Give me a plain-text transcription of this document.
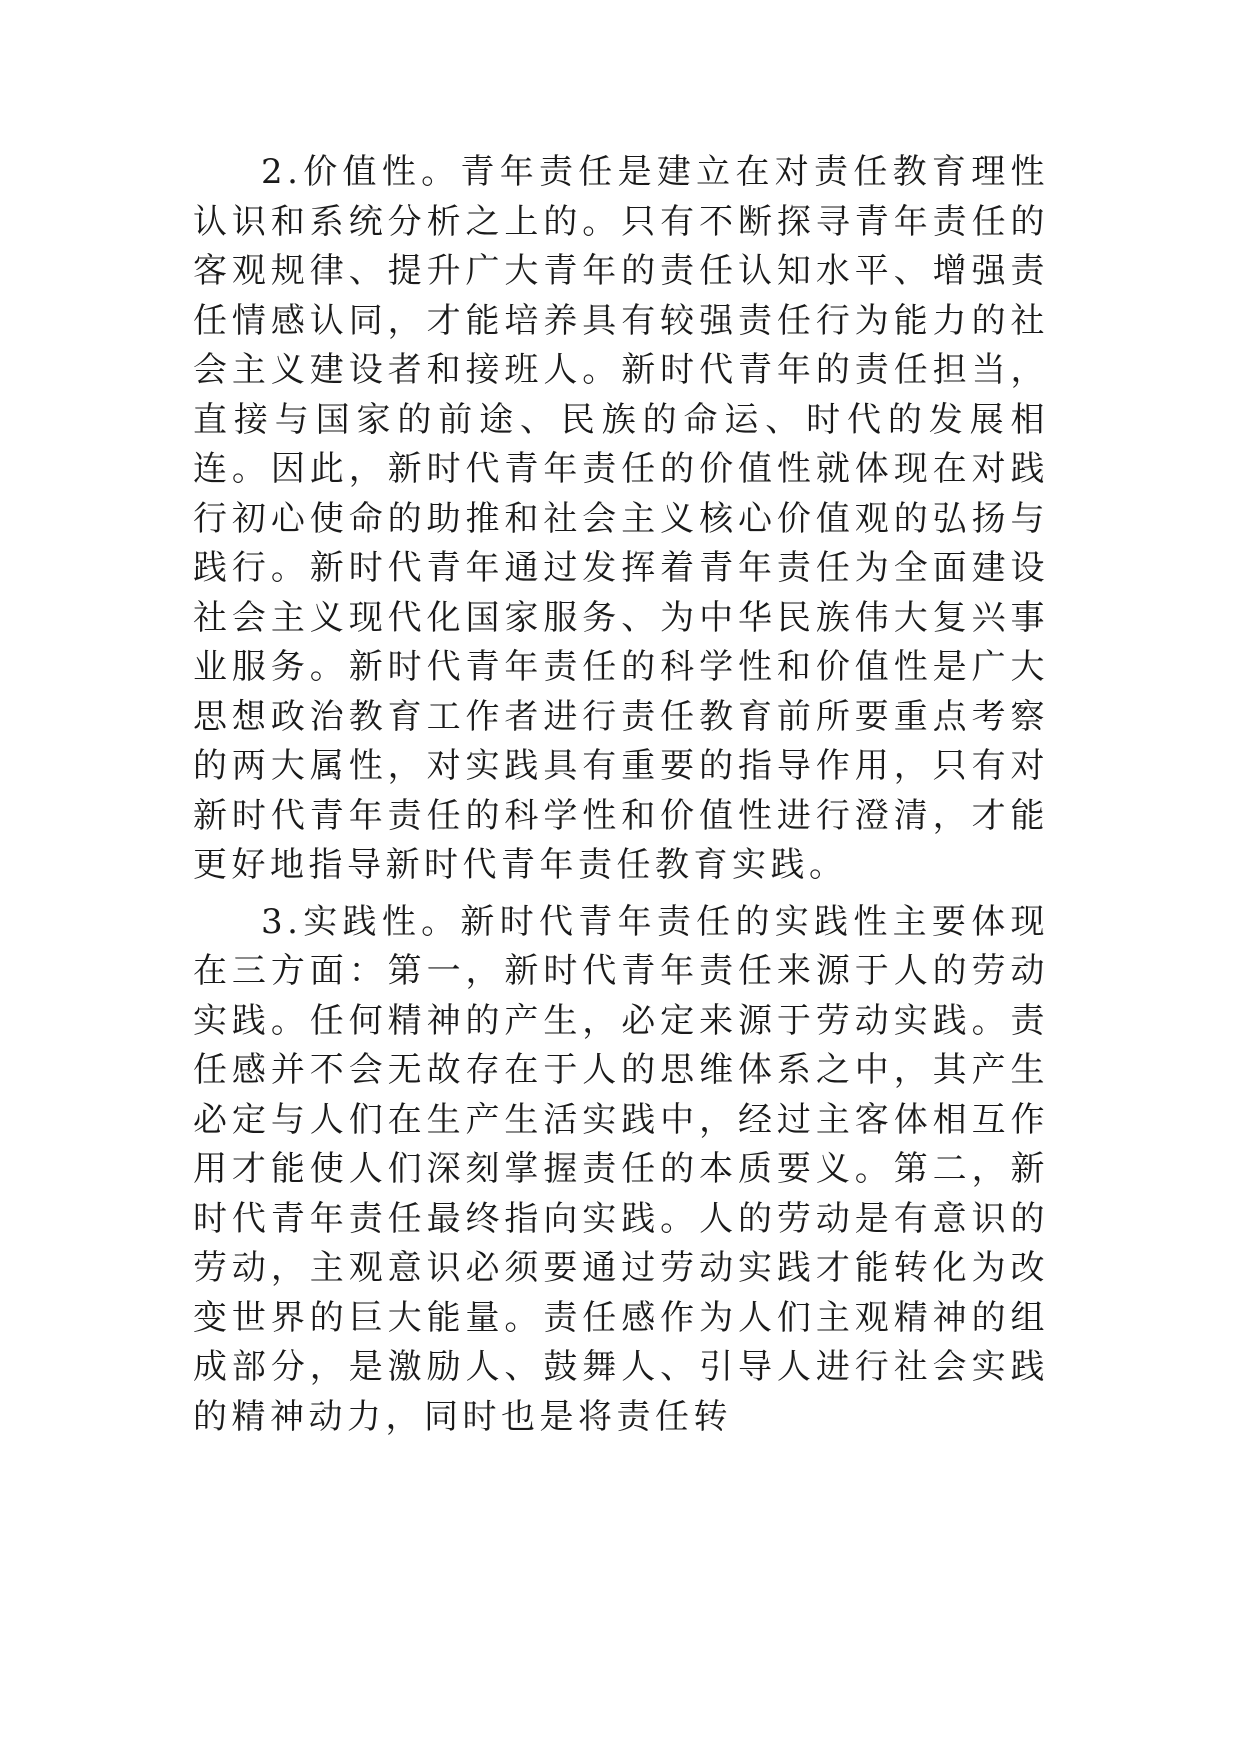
2.价值性。青年责任是建立在对责任教育理性认识和系统分析之上的。只有不断探寻青年责任的客观规律、提升广大青年的责任认知水平、增强责任情感认同，才能培养具有较强责任行为能力的社会主义建设者和接班人。新时代青年的责任担当，直接与国家的前途、民族的命运、时代的发展相连。因此，新时代青年责任的价值性就体现在对践行初心使命的助推和社会主义核心价值观的弘扬与践行。新时代青年通过发挥着青年责任为全面建设社会主义现代化国家服务、为中华民族伟大复兴事业服务。新时代青年责任的科学性和价值性是广大思想政治教育工作者进行责任教育前所要重点考察的两大属性，对实践具有重要的指导作用，只有对新时代青年责任的科学性和价值性进行澄清，才能更好地指导新时代青年责任教育实践。

3.实践性。新时代青年责任的实践性主要体现在三方面：第一，新时代青年责任来源于人的劳动实践。任何精神的产生，必定来源于劳动实践。责任感并不会无故存在于人的思维体系之中，其产生必定与人们在生产生活实践中，经过主客体相互作用才能使人们深刻掌握责任的本质要义。第二，新时代青年责任最终指向实践。人的劳动是有意识的劳动，主观意识必须要通过劳动实践才能转化为改变世界的巨大能量。责任感作为人们主观精神的组成部分，是激励人、鼓舞人、引导人进行社会实践的精神动力，同时也是将责任转
